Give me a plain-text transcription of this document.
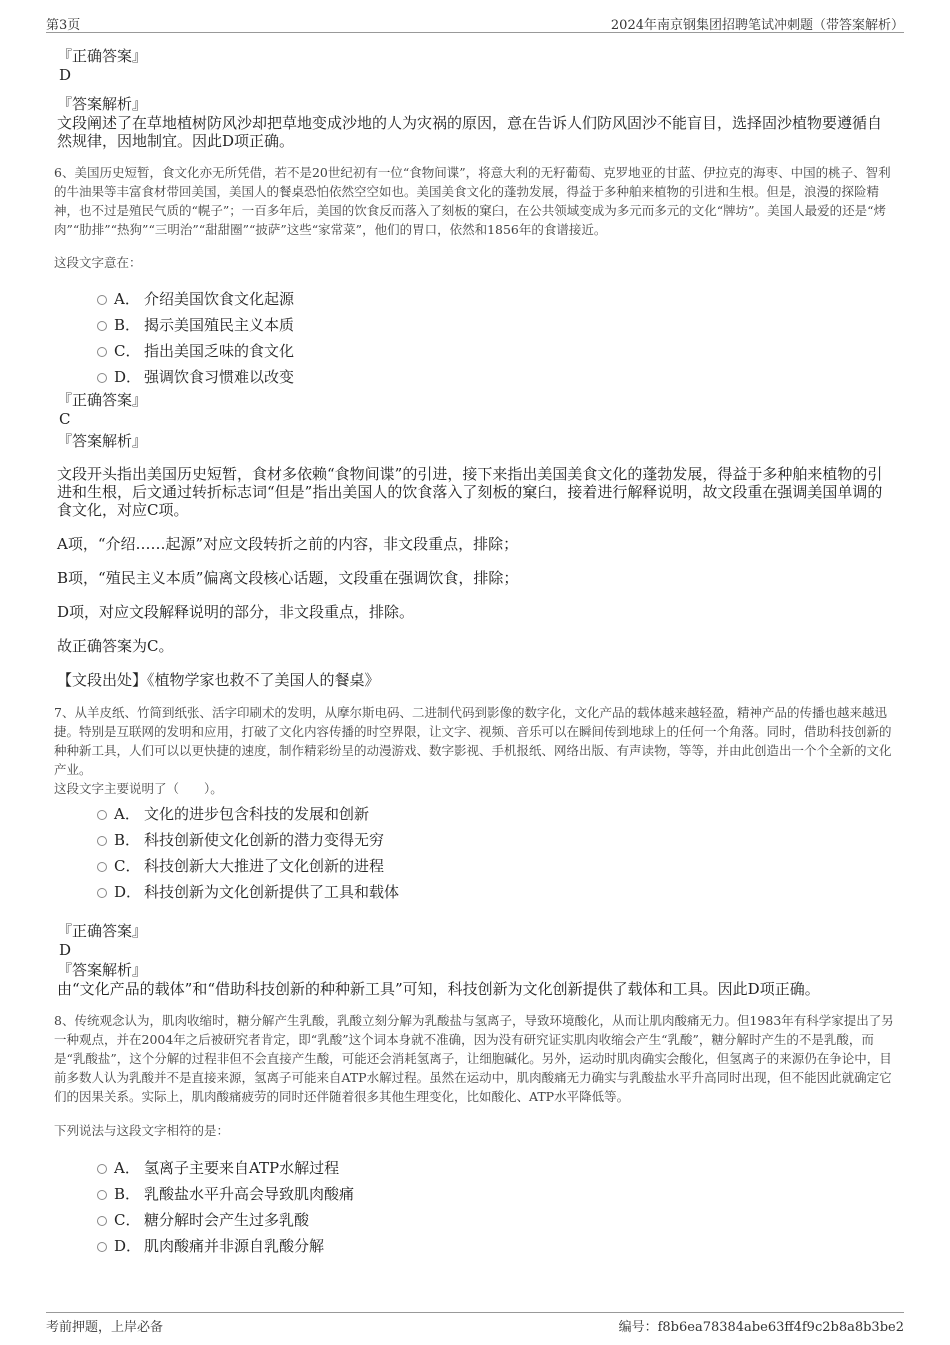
第3页	2024年南京钢集团招聘笔试冲刺题（带答案解析）
『正确答案』
D
『答案解析』

文段阐述了在草地植树防风沙却把草地变成沙地的人为灾祸的原因，意在告诉人们防风固沙不能盲目，选择固沙植物要遵循自然规律，因地制宜。因此D项正确。

6、美国历史短暂，食文化亦无所凭借，若不是20世纪初有一位“食物间谍”，将意大利的无籽葡萄、克罗地亚的甘蓝、伊拉克的海枣、中国的桃子、智利的牛油果等丰富食材带回美国，美国人的餐桌恐怕依然空空如也。美国美食文化的蓬勃发展，得益于多种舶来植物的引进和生根。但是，浪漫的探险精神，也不过是殖民气质的“幌子”；一百多年后，美国的饮食反而落入了刻板的窠臼，在公共领域变成为多元而多元的文化“牌坊”。美国人最爱的还是“烤肉”“肋排”“热狗”“三明治”“甜甜圈”“披萨”这些“家常菜”，他们的胃口，依然和1856年的食谱接近。

这段文字意在：

A． 介绍美国饮食文化起源
B． 揭示美国殖民主义本质
C． 指出美国乏味的食文化
D． 强调饮食习惯难以改变
『正确答案』
C
『答案解析』

文段开头指出美国历史短暂，食材多依赖“食物间谍”的引进，接下来指出美国美食文化的蓬勃发展，得益于多种舶来植物的引进和生根，后文通过转折标志词“但是”指出美国人的饮食落入了刻板的窠臼，接着进行解释说明，故文段重在强调美国单调的食文化，对应C项。

A项，“介绍……起源”对应文段转折之前的内容，非文段重点，排除；

B项，“殖民主义本质”偏离文段核心话题，文段重在强调饮食，排除；

D项，对应文段解释说明的部分，非文段重点，排除。

故正确答案为C。

【文段出处】《植物学家也救不了美国人的餐桌》

7、从羊皮纸、竹简到纸张、活字印刷术的发明，从摩尔斯电码、二进制代码到影像的数字化，文化产品的载体越来越轻盈，精神产品的传播也越来越迅捷。特别是互联网的发明和应用，打破了文化内容传播的时空界限，让文字、视频、音乐可以在瞬间传到地球上的任何一个角落。同时，借助科技创新的种种新工具，人们可以以更快捷的速度，制作精彩纷呈的动漫游戏、数字影视、手机报纸、网络出版、有声读物，等等，并由此创造出一个个全新的文化产业。

这段文字主要说明了（　　）。

A． 文化的进步包含科技的发展和创新
B． 科技创新使文化创新的潜力变得无穷
C． 科技创新大大推进了文化创新的进程
D． 科技创新为文化创新提供了工具和载体
『正确答案』
D
『答案解析』

由“文化产品的载体”和“借助科技创新的种种新工具”可知，科技创新为文化创新提供了载体和工具。因此D项正确。

8、传统观念认为，肌肉收缩时，糖分解产生乳酸，乳酸立刻分解为乳酸盐与氢离子，导致环境酸化，从而让肌肉酸痛无力。但1983年有科学家提出了另一种观点，并在2004年之后被研究者肯定，即“乳酸”这个词本身就不准确，因为没有研究证实肌肉收缩会产生“乳酸”，糖分解时产生的不是乳酸，而是“乳酸盐”，这个分解的过程非但不会直接产生酸，可能还会消耗氢离子，让细胞碱化。另外，运动时肌肉确实会酸化，但氢离子的来源仍在争论中，目前多数人认为乳酸并不是直接来源，氢离子可能来自ATP水解过程。虽然在运动中，肌肉酸痛无力确实与乳酸盐水平升高同时出现，但不能因此就确定它们的因果关系。实际上，肌肉酸痛疲劳的同时还伴随着很多其他生理变化，比如酸化、ATP水平降低等。

下列说法与这段文字相符的是：

A． 氢离子主要来自ATP水解过程
B． 乳酸盐水平升高会导致肌肉酸痛
C． 糖分解时会产生过多乳酸
D． 肌肉酸痛并非源自乳酸分解
考前押题，上岸必备	编号：f8b6ea78384abe63ff4f9c2b8a8b3be2
